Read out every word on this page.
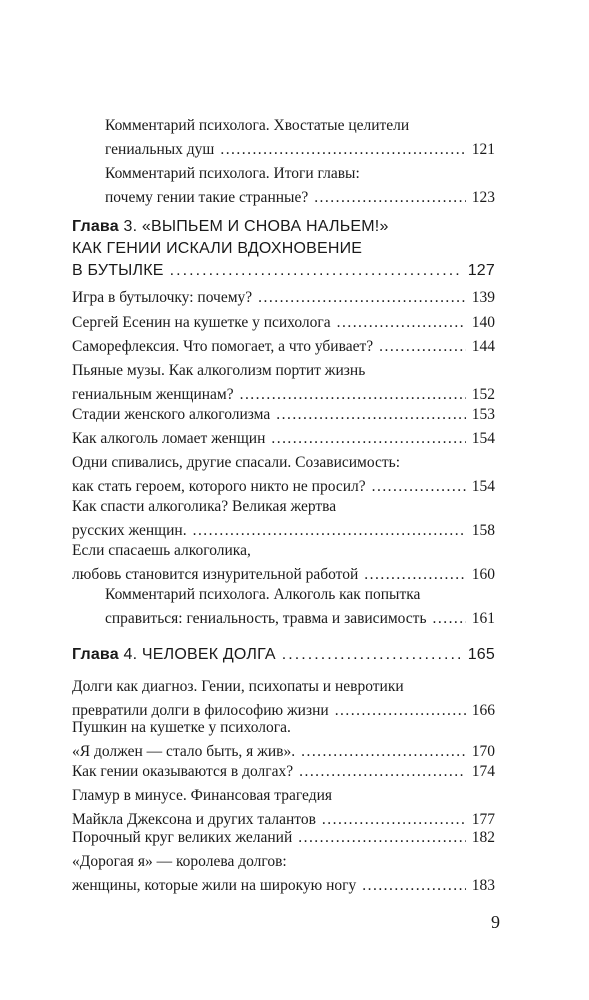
Комментарий психолога. Хвостатые целители
гениальных душ . . .	121
Комментарий психолога. Итоги главы:
почему гении такие странные? . . .	123
Глава 3. «ВЫПЬЕМ И СНОВА НАЛЬЕМ!»
КАК ГЕНИИ ИСКАЛИ ВДОХНОВЕНИЕ
В БУТЫЛКЕ . . .	127
Игра в бутылочку: почему? . . .	139
Сергей Есенин на кушетке у психолога . . .	140
Саморефлексия. Что помогает, а что убивает? . . .	144
Пьяные музы. Как алкоголизм портит жизнь
гениальным женщинам? . . .	152
Стадии женского алкоголизма . . .	153
Как алкоголь ломает женщин . . .	154
Одни спивались, другие спасали. Созависимость:
как стать героем, которого никто не просил? . . .	154
Как спасти алкоголика? Великая жертва
русских женщин. . . .	158
Если спасаешь алкоголика,
любовь становится изнурительной работой . . .	160
Комментарий психолога. Алкоголь как попытка
справиться: гениальность, травма и зависимость . . .	161
Глава 4. ЧЕЛОВЕК ДОЛГА . . .	165
Долги как диагноз. Гении, психопаты и невротики
превратили долги в философию жизни . . .	166
Пушкин на кушетке у психолога.
«Я должен — стало быть, я жив». . . .	170
Как гении оказываются в долгах? . . .	174
Гламур в минусе. Финансовая трагедия
Майкла Джексона и других талантов . . .	177
Порочный круг великих желаний . . .	182
«Дорогая я» — королева долгов:
женщины, которые жили на широкую ногу . . .	183
9
